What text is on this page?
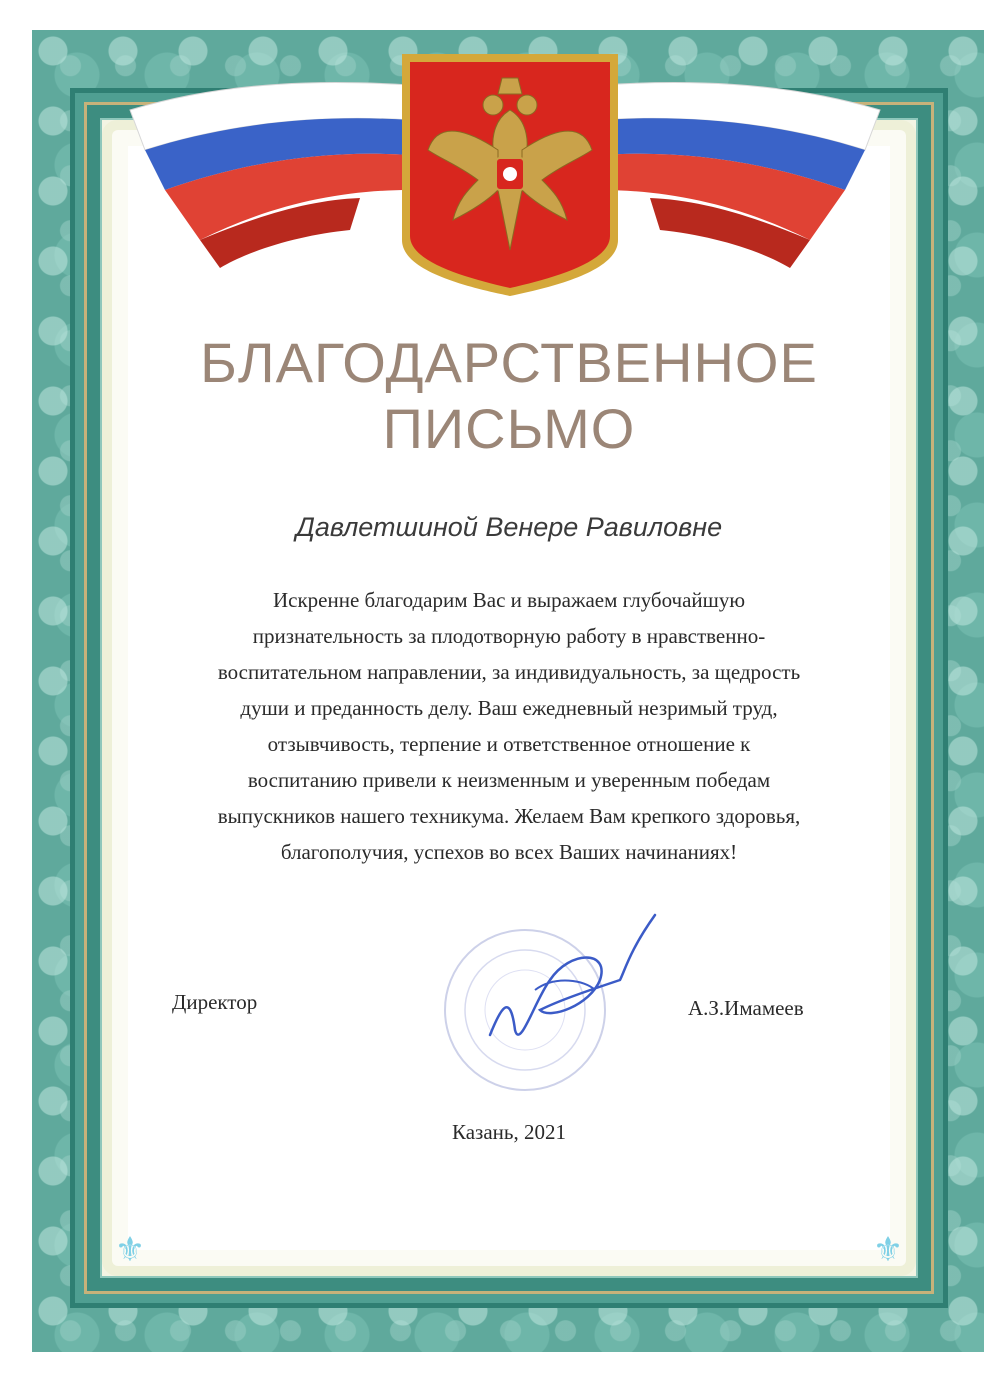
⚜	⚜
БЛАГОДАРСТВЕННОЕ
ПИСЬМО
Давлетшиной Венере Равиловне
Искренне благодарим Вас и выражаем глубочайшую
признательность за плодотворную работу в нравственно-
воспитательном направлении, за индивидуальность, за щедрость
души и преданность делу. Ваш ежедневный незримый труд,
отзывчивость, терпение и ответственное отношение к
воспитанию привели к неизменным и уверенным победам
выпускников нашего техникума. Желаем Вам крепкого здоровья,
благополучия, успехов во всех Ваших начинаниях!
Директор	А.З.Имамеев
Казань, 2021
